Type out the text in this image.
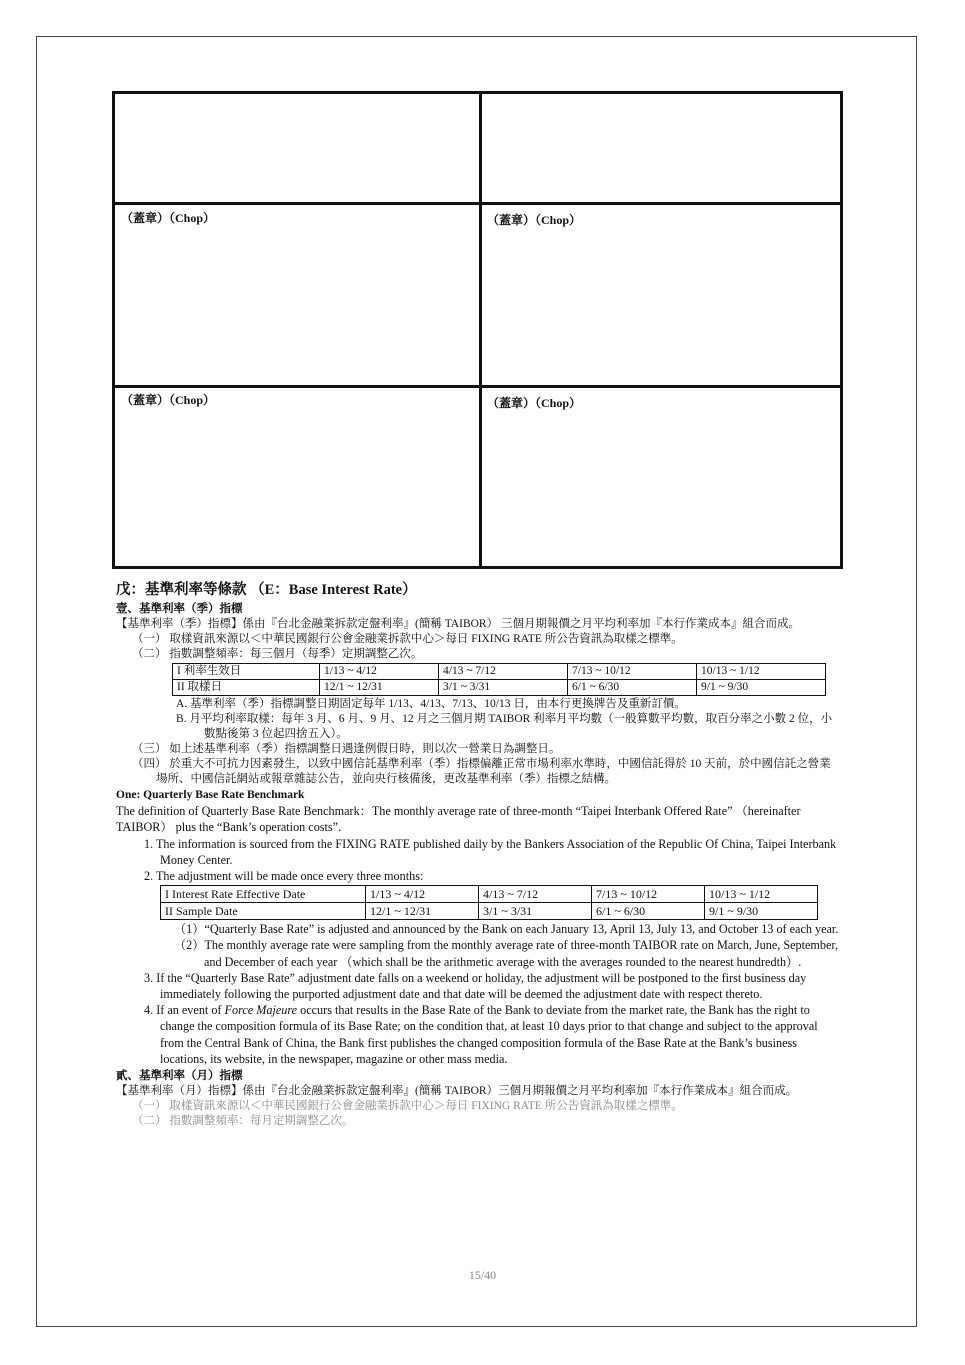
（蓋章）（Chop）	（蓋章）（Chop）
（蓋章）（Chop）	（蓋章）（Chop）
戊：基準利率等條款 （E：Base Interest Rate）
壹、基準利率（季）指標

【基準利率（季）指標】係由『台北金融業拆款定盤利率』(簡稱 TAIBOR） 三個月期報價之月平均利率加『本行作業成本』組合而成。

（一） 取樣資訊來源以＜中華民國銀行公會金融業拆款中心＞每日 FIXING RATE 所公告資訊為取樣之標準。

（二） 指數調整頻率：每三個月（每季）定期調整乙次。

I 利率生效日	1/13 ~ 4/12	4/13 ~ 7/12	7/13 ~ 10/12	10/13 ~ 1/12
II 取樣日	12/1 ~ 12/31	3/1 ~ 3/31	6/1 ~ 6/30	9/1 ~ 9/30

A. 基準利率（季）指標調整日期固定每年 1/13、4/13、7/13、10/13 日，由本行更換牌告及重新訂價。

B. 月平均利率取樣：每年 3 月、6 月、9 月、12 月之三個月期 TAIBOR 利率月平均數（一般算數平均數，取百分率之小數 2 位，小數點後第 3 位起四捨五入）。

（三） 如上述基準利率（季）指標調整日遇逢例假日時，則以次一營業日為調整日。

（四） 於重大不可抗力因素發生，以致中國信託基準利率（季）指標偏離正常市場利率水準時，中國信託得於 10 天前，於中國信託之營業場所、中國信託網站或報章雜誌公告，並向央行核備後，更改基準利率（季）指標之結構。

One: Quarterly Base Rate Benchmark

The definition of Quarterly Base Rate Benchmark：The monthly average rate of three-month “Taipei Interbank Offered Rate” （hereinafter TAIBOR） plus the “Bank’s operation costs”.

1. The information is sourced from the FIXING RATE published daily by the Bankers Association of the Republic Of China, Taipei Interbank Money Center.

2. The adjustment will be made once every three months:

I Interest Rate Effective Date	1/13 ~ 4/12	4/13 ~ 7/12	7/13 ~ 10/12	10/13 ~ 1/12
II Sample Date	12/1 ~ 12/31	3/1 ~ 3/31	6/1 ~ 6/30	9/1 ~ 9/30

（1）“Quarterly Base Rate” is adjusted and announced by the Bank on each January 13, April 13, July 13, and October 13 of each year.

（2）The monthly average rate were sampling from the monthly average rate of three-month TAIBOR rate on March, June, September, and December of each year （which shall be the arithmetic average with the averages rounded to the nearest hundredth）.

3. If the “Quarterly Base Rate” adjustment date falls on a weekend or holiday, the adjustment will be postponed to the first business day immediately following the purported adjustment date and that date will be deemed the adjustment date with respect thereto.

4. If an event of Force Majeure occurs that results in the Base Rate of the Bank to deviate from the market rate, the Bank has the right to change the composition formula of its Base Rate; on the condition that, at least 10 days prior to that change and subject to the approval from the Central Bank of China, the Bank first publishes the changed composition formula of the Base Rate at the Bank’s business locations, its website, in the newspaper, magazine or other mass media.

貳、基準利率（月）指標

【基準利率（月）指標】係由『台北金融業拆款定盤利率』(簡稱 TAIBOR）三個月期報價之月平均利率加『本行作業成本』組合而成。

（一） 取樣資訊來源以＜中華民國銀行公會金融業拆款中心＞每日 FIXING RATE 所公告資訊為取樣之標準。

（二） 指數調整頻率：每月定期調整乙次。

15/40
